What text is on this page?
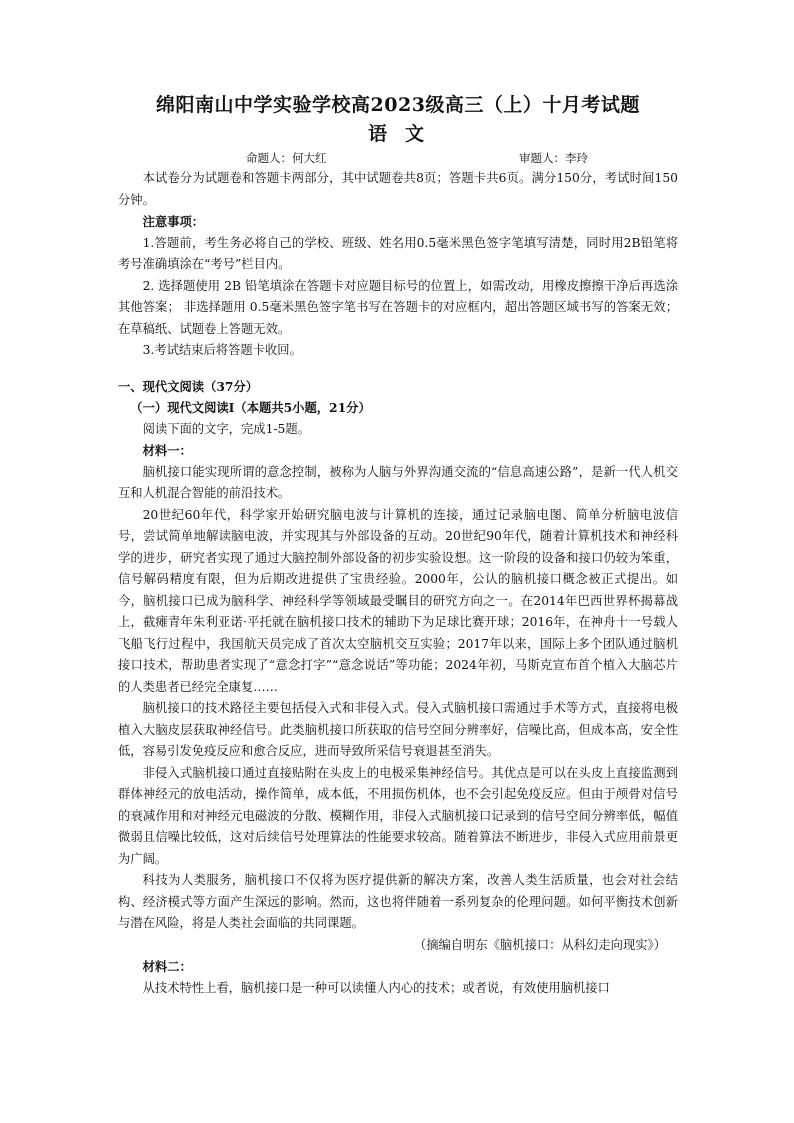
绵阳南山中学实验学校高2023级高三（上）十月考试题
语文
命题人：何大红	审题人：李玲

本试卷分为试题卷和答题卡两部分，其中试题卷共8页；答题卡共6页。满分150分，考试时间150分钟。

注意事项：

1.答题前，考生务必将自己的学校、班级、姓名用0.5毫米黑色签字笔填写清楚，同时用2B铅笔将考号准确填涂在“考号”栏目内。

2. 选择题使用 2B 铅笔填涂在答题卡对应题目标号的位置上，如需改动，用橡皮擦擦干净后再选涂其他答案； 非选择题用 0.5毫米黑色签字笔书写在答题卡的对应框内，超出答题区域书写的答案无效； 在草稿纸、试题卷上答题无效。

3.考试结束后将答题卡收回。

一、现代文阅读（37分）

（一）现代文阅读Ⅰ（本题共5小题，21分）

阅读下面的文字，完成1-5题。

材料一：

脑机接口能实现所谓的意念控制，被称为人脑与外界沟通交流的“信息高速公路”，是新一代人机交互和人机混合智能的前沿技术。

20世纪60年代，科学家开始研究脑电波与计算机的连接，通过记录脑电图、简单分析脑电波信号，尝试简单地解读脑电波，并实现其与外部设备的互动。20世纪90年代，随着计算机技术和神经科学的进步，研究者实现了通过大脑控制外部设备的初步实验设想。这一阶段的设备和接口仍较为笨重，信号解码精度有限，但为后期改进提供了宝贵经验。2000年，公认的脑机接口概念被正式提出。如今，脑机接口已成为脑科学、神经科学等领域最受瞩目的研究方向之一。在2014年巴西世界杯揭幕战上，截瘫青年朱利亚诺·平托就在脑机接口技术的辅助下为足球比赛开球；2016年，在神舟十一号载人飞船飞行过程中，我国航天员完成了首次太空脑机交互实验；2017年以来，国际上多个团队通过脑机接口技术，帮助患者实现了“意念打字”“意念说话”等功能；2024年初，马斯克宣布首个植入大脑芯片的人类患者已经完全康复……

脑机接口的技术路径主要包括侵入式和非侵入式。侵入式脑机接口需通过手术等方式，直接将电极植入大脑皮层获取神经信号。此类脑机接口所获取的信号空间分辨率好，信噪比高，但成本高，安全性低，容易引发免疫反应和愈合反应，进而导致所采信号衰退甚至消失。

非侵入式脑机接口通过直接贴附在头皮上的电极采集神经信号。其优点是可以在头皮上直接监测到群体神经元的放电活动，操作简单，成本低，不用损伤机体，也不会引起免疫反应。但由于颅骨对信号的衰减作用和对神经元电磁波的分散、模糊作用，非侵入式脑机接口记录到的信号空间分辨率低，幅值微弱且信噪比较低，这对后续信号处理算法的性能要求较高。随着算法不断进步，非侵入式应用前景更为广阔。

科技为人类服务，脑机接口不仅将为医疗提供新的解决方案，改善人类生活质量，也会对社会结构、经济模式等方面产生深远的影响。然而，这也将伴随着一系列复杂的伦理问题。如何平衡技术创新与潜在风险，将是人类社会面临的共同课题。

（摘编自明东《脑机接口：从科幻走向现实》）

材料二：

从技术特性上看，脑机接口是一种可以读懂人内心的技术；或者说，有效使用脑机接口
